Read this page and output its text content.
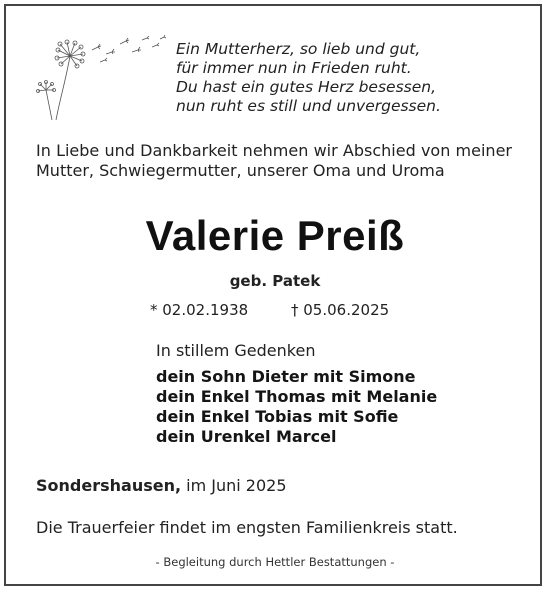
Ein Mutterherz, so lieb und gut,
für immer nun in Frieden ruht.
Du hast ein gutes Herz besessen,
nun ruht es still und unvergessen.
In Liebe und Dankbarkeit nehmen wir Abschied von meiner Mutter, Schwiegermutter, unserer Oma und Uroma
Valerie Preiß
geb. Patek
* 02.02.1938	† 05.06.2025
In stillem Gedenken
dein Sohn Dieter mit Simone
dein Enkel Thomas mit Melanie
dein Enkel Tobias mit Sofie
dein Urenkel Marcel
Sondershausen, im Juni 2025
Die Trauerfeier findet im engsten Familienkreis statt.
- Begleitung durch Hettler Bestattungen -
